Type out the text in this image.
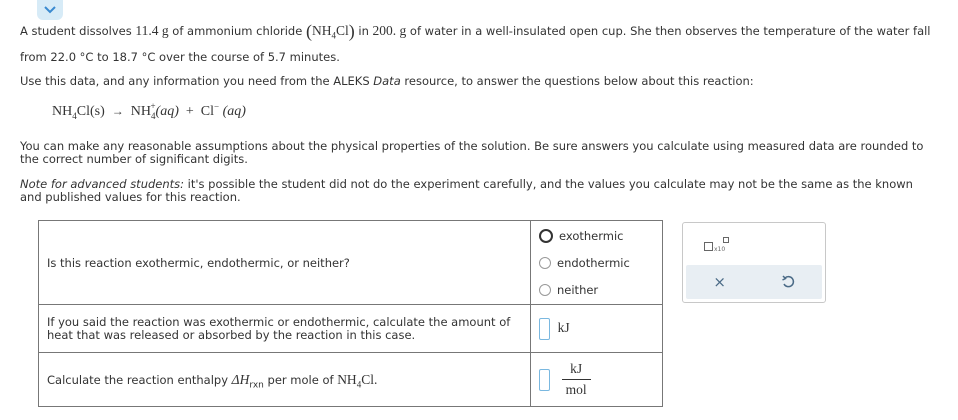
A student dissolves 11.4 g of ammonium chloride $(NH_4Cl)$ in 200. g of water in a well-insulated open cup. She then observes the temperature of the water fall
from 22.0 °C to 18.7 °C over the course of 5.7 minutes.
Use this data, and any information you need from the ALEKS Data resource, to answer the questions below about this reaction:
$NH_4Cl(s) \to NH_4^+(aq) + Cl^-$ (aq)
You can make any reasonable assumptions about the physical properties of the solution. Be sure answers you calculate using measured data are rounded to the correct number of significant digits.
Note for advanced students: it's possible the student did not do the experiment carefully, and the values you calculate may not be the same as the known and published values for this reaction.
Is this reaction exothermic, endothermic, or neither?	exothermic
endothermic
neither

If you said the reaction was exothermic or endothermic, calculate the amount of heat that was released or absorbed by the reaction in this case.	kJ
Calculate the reaction enthalpy $\Delta H_{rxn}$ per mole of $NH_4Cl$.	$\frac{kJ}{\text{mol}}$
x10
×
